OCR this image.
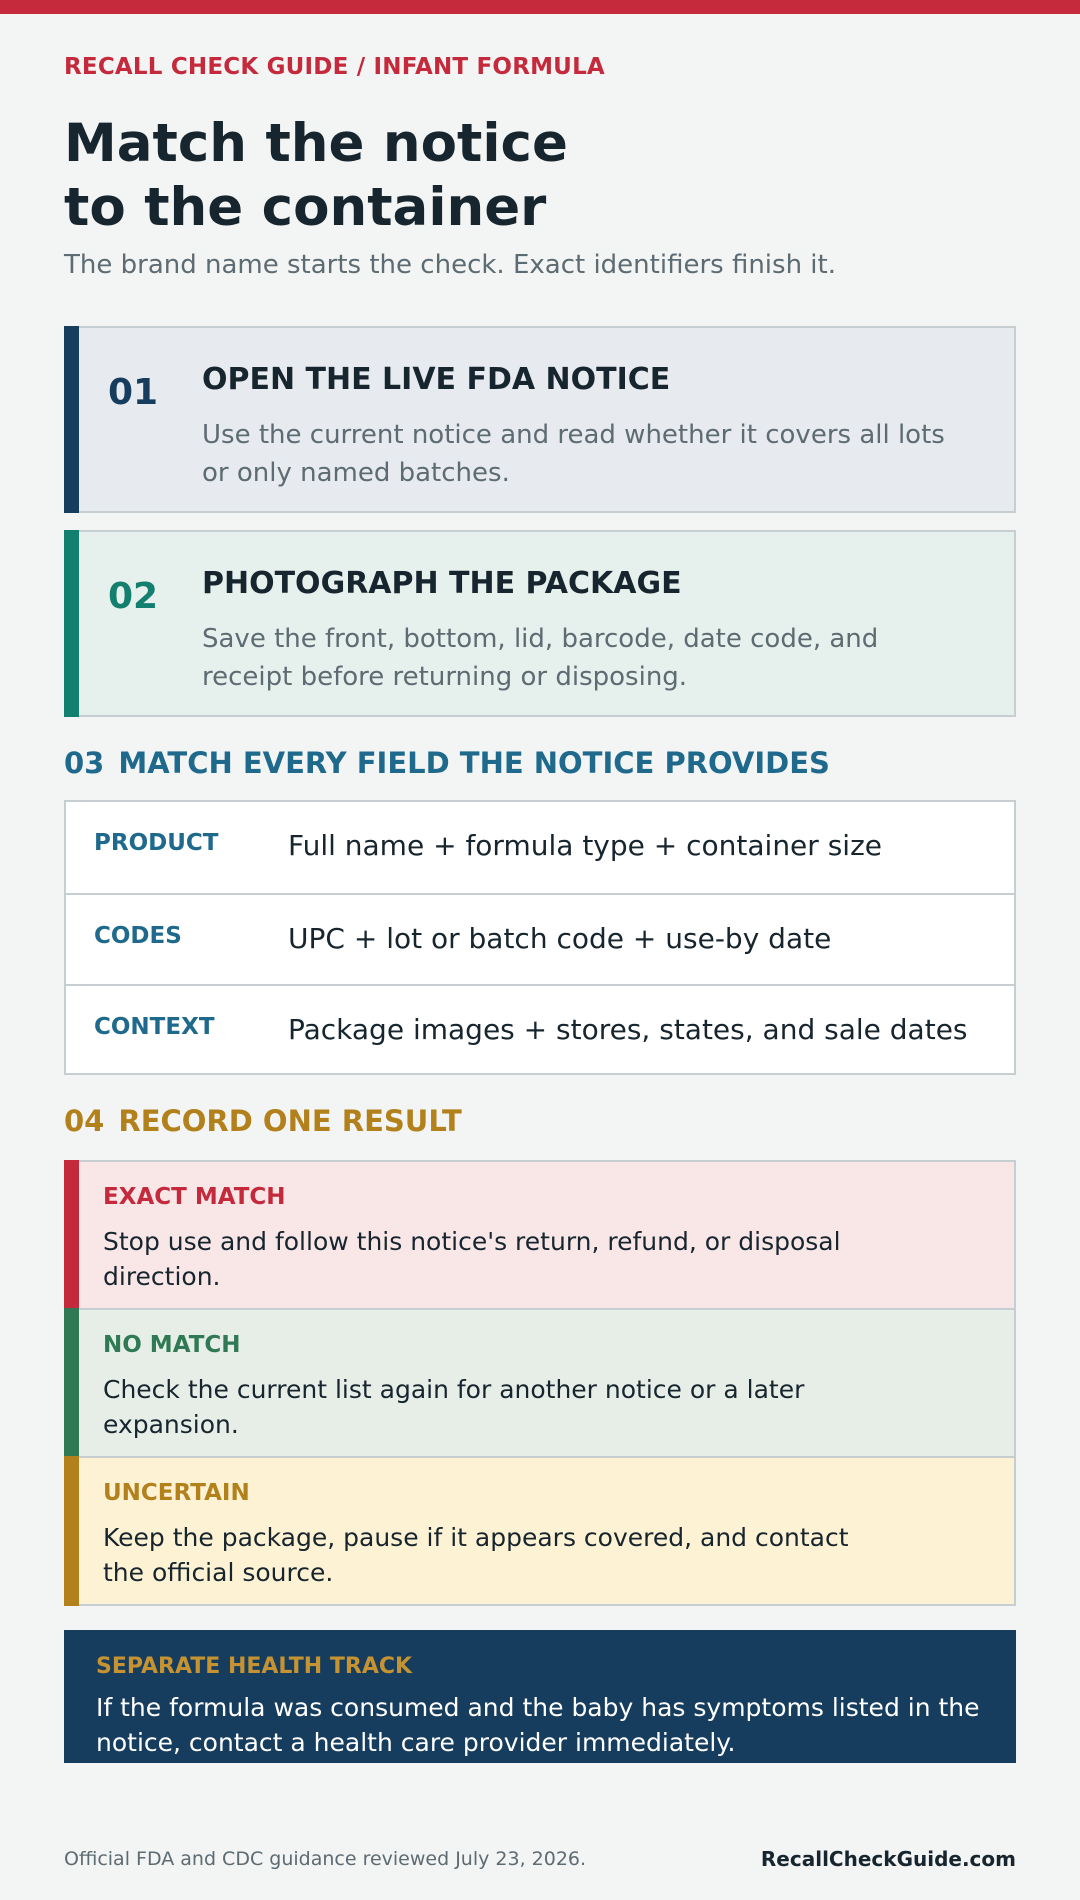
RECALL CHECK GUIDE / INFANT FORMULA
Match the notice
to the container
The brand name starts the check. Exact identifiers finish it.
01 OPEN THE LIVE FDA NOTICE
Use the current notice and read whether it covers all lots or only named batches.
02 PHOTOGRAPH THE PACKAGE
Save the front, bottom, lid, barcode, date code, and receipt before returning or disposing.
03 MATCH EVERY FIELD THE NOTICE PROVIDES
PRODUCT Full name + formula type + container size
CODES	UPC + lot or batch code + use-by date
CONTEXT	Package images + stores, states, and sale dates
04 RECORD ONE RESULT
EXACT MATCH
Stop use and follow this notice's return, refund, or disposal direction.
NO MATCH
Check the current list again for another notice or a later expansion.
UNCERTAIN
Keep the package, pause if it appears covered, and contact the official source.
SEPARATE HEALTH TRACK
If the formula was consumed and the baby has symptoms listed in the notice, contact a health care provider immediately.
Official FDA and CDC guidance reviewed July 23, 2026.	RecallCheckGuide.com
